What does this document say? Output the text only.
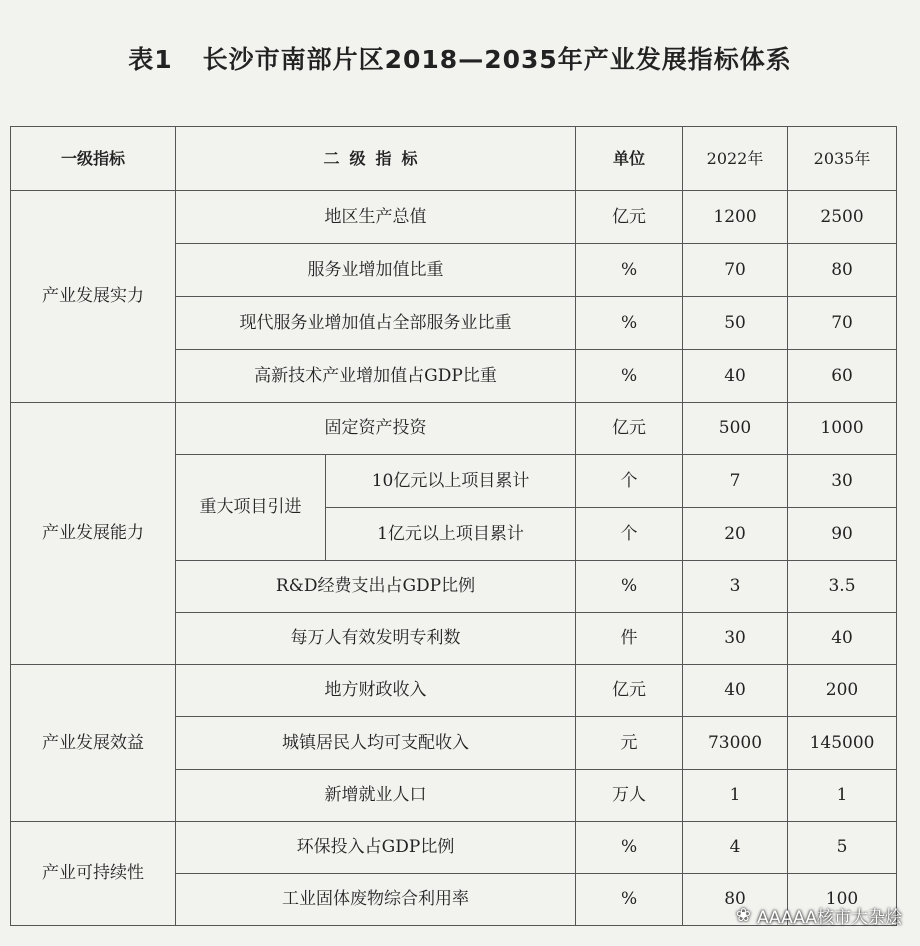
表1 长沙市南部片区2018—2035年产业发展指标体系
一级指标	二级指标		单位	2022年	2035年
产业发展实力	地区生产总值		亿元	1200	2500
	服务业增加值比重		%	70	80
	现代服务业增加值占全部服务业比重		%	50	70
	高新技术产业增加值占GDP比重		%	40	60
产业发展能力	固定资产投资		亿元	500	1000
	重大项目引进	10亿元以上项目累计	个	7	30
		1亿元以上项目累计	个	20	90
	R&D经费支出占GDP比例		%	3	3.5
	每万人有效发明专利数		件	30	40
产业发展效益	地方财政收入		亿元	40	200
	城镇居民人均可支配收入		元	73000	145000
	新增就业人口		万人	1	1
产业可持续性	环保投入占GDP比例		%	4	5
	工业固体废物综合利用率		%	80	100
❀ AAAAA核市大杂烩
